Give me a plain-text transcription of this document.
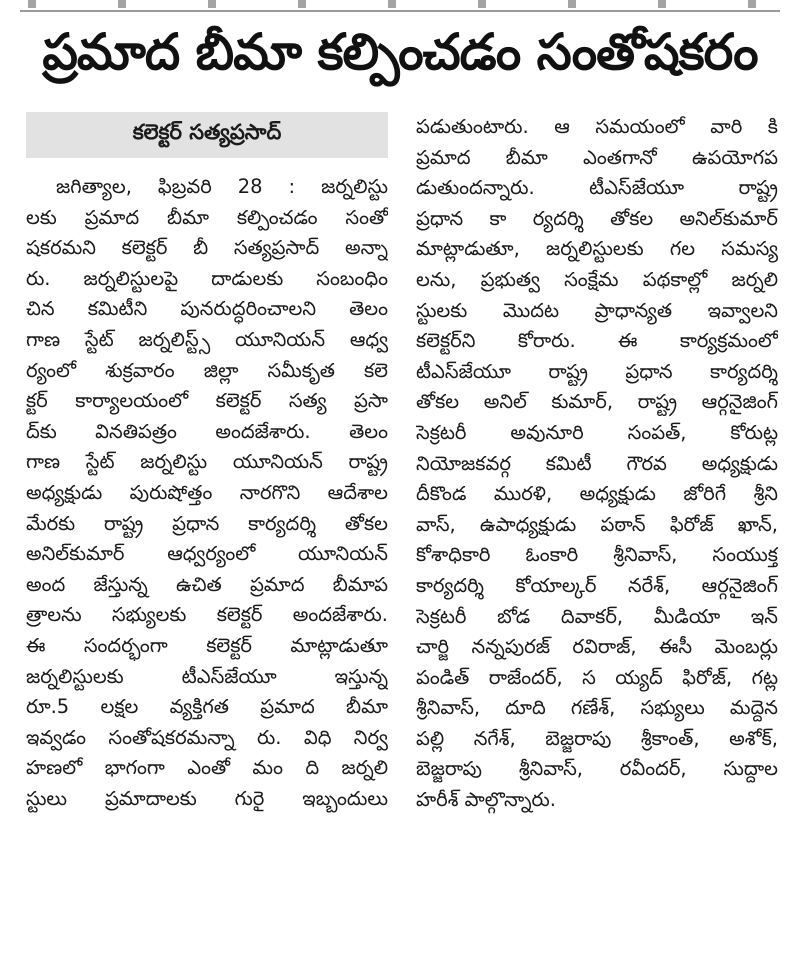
ప్రమాద బీమా కల్పించడం సంతోషకరం
కలెక్టర్ సత్యప్రసాద్
జగిత్యాల, ఫిబ్రవరి 28 : జర్నలిస్టు
లకు ప్రమాద బీమా కల్పించడం సంతో
షకరమని కలెక్టర్ బీ సత్యప్రసాద్ అన్నా
రు. జర్నలిస్టులపై దాడులకు సంబంధిం
చిన కమిటీని పునరుద్ధరించాలని తెలం
గాణ స్టేట్ జర్నలిస్ట్స్ యూనియన్ ఆధ్వ
ర్యంలో శుక్రవారం జిల్లా సమీకృత కలె
క్టర్ కార్యాలయంలో కలెక్టర్ సత్య ప్రసా
ద్‌కు వినతిపత్రం అందజేశారు. తెలం
గాణ స్టేట్ జర్నలిస్టు యూనియన్ రాష్ట్ర
అధ్యక్షుడు పురుషోత్తం నారగొని ఆదేశాల
మేరకు రాష్ట్ర ప్రధాన కార్యదర్శి తోకల
అనిల్‌కుమార్ ఆధ్వర్యంలో యూనియన్
అంద జేస్తున్న ఉచిత ప్రమాద బీమాప
త్రాలను సభ్యులకు కలెక్టర్ అందజేశారు.
ఈ సందర్భంగా కలెక్టర్ మాట్లాడుతూ
జర్నలిస్టులకు టీఎస్‌జేయూ ఇస్తున్న
రూ.5 లక్షల వ్యక్తిగత ప్రమాద బీమా
ఇవ్వడం సంతోషకరమన్నా రు. విధి నిర్వ
హణలో భాగంగా ఎంతో మం ది జర్నలి
స్టులు ప్రమాదాలకు గురై ఇబ్బందులు
పడుతుంటారు. ఆ సమయంలో వారి కి
ప్రమాద బీమా ఎంతగానో ఉపయోగప
డుతుందన్నారు. టీఎస్‌జేయూ రాష్ట్ర
ప్రధాన కా ర్యదర్శి తోకల అనిల్‌కుమార్
మాట్లాడుతూ, జర్నలిస్టులకు గల సమస్య
లను, ప్రభుత్వ సంక్షేమ పథకాల్లో జర్నలి
స్టులకు మొదట ప్రాధాన్యత ఇవ్వాలని
కలెక్టర్‌ని కోరారు. ఈ కార్యక్రమంలో
టీఎస్‌జేయూ రాష్ట్ర ప్రధాన కార్యదర్శి
తోకల అనిల్ కుమార్, రాష్ట్ర ఆర్గనైజింగ్
సెక్రటరీ అవునూరి సంపత్, కోరుట్ల
నియోజకవర్గ కమిటీ గౌరవ అధ్యక్షుడు
దీకొండ మురళి, అధ్యక్షుడు జోరిగే శ్రీని
వాస్, ఉపాధ్యక్షుడు పఠాన్ ఫిరోజ్ ఖాన్,
కోశాధికారి ఓంకారి శ్రీనివాస్, సంయుక్త
కార్యదర్శి కోయాల్కర్ నరేశ్, ఆర్గనైజింగ్
సెక్రటరీ బోడ దివాకర్, మీడియా ఇన్
చార్జి నన్నపురజ్ రవిరాజ్, ఈసీ మెంబర్లు
పండిత్ రాజేందర్, స య్యద్ ఫిరోజ్, గట్ల
శ్రీనివాస్, దూది గణేశ్, సభ్యులు మద్దెన
పల్లి నగేశ్, బెజ్జరాపు శ్రీకాంత్, అశోక్,
బెజ్జరాపు శ్రీనివాస్, రవీందర్, సుద్దాల
హరీశ్ పాల్గొన్నారు.
